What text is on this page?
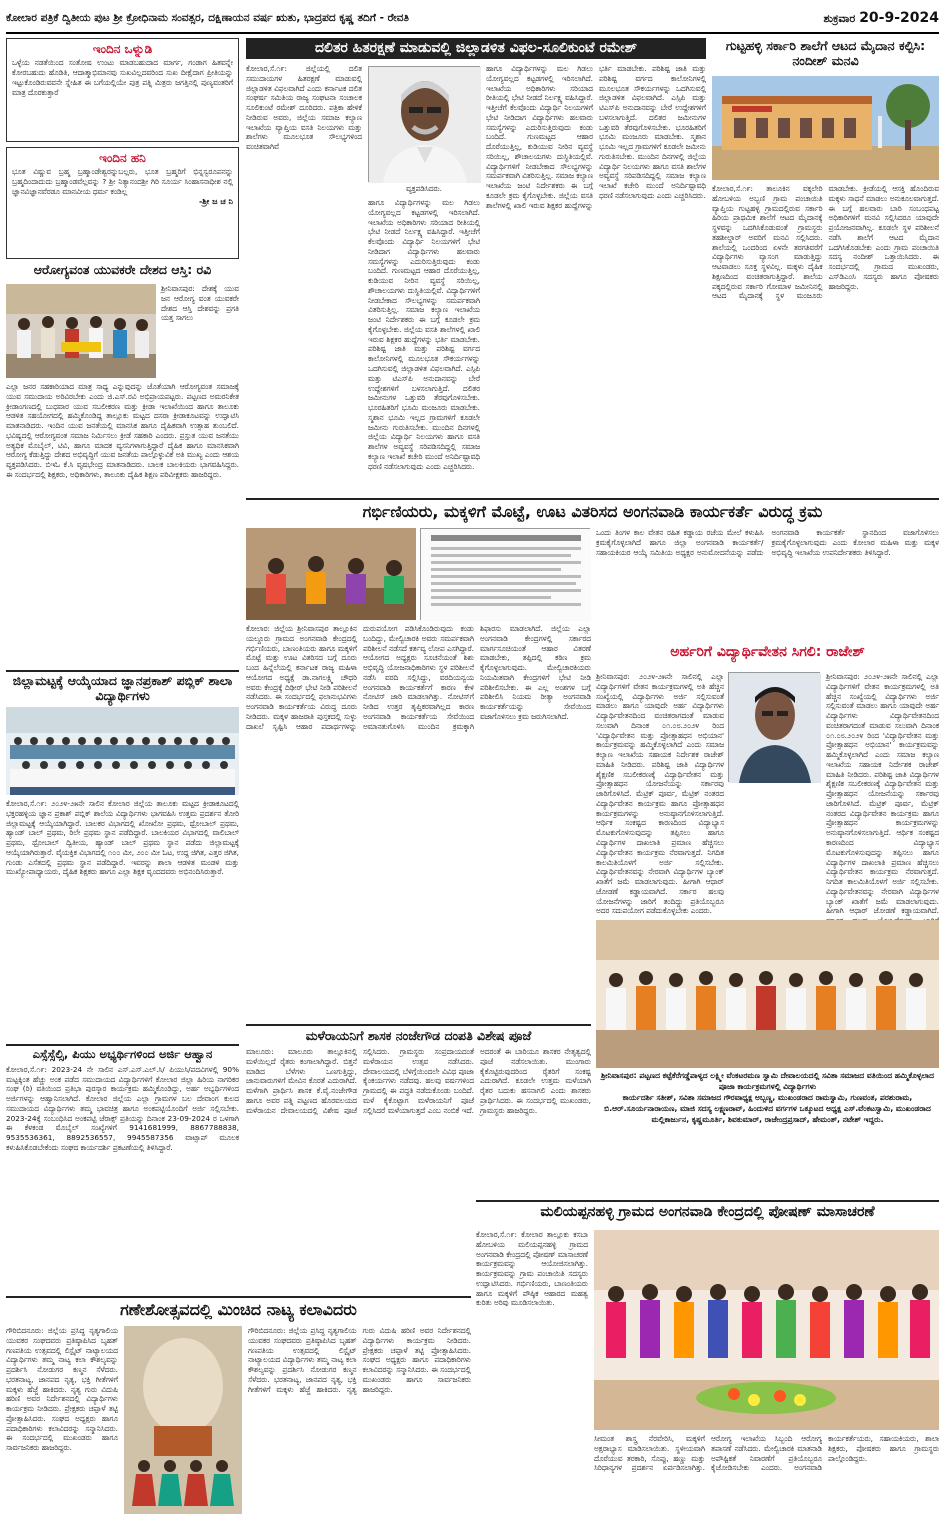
ಕೋಲಾರ ಪತ್ರಿಕೆ ದ್ವಿತೀಯ ಪುಟ ಶ್ರೀ ಕ್ರೋಧಿನಾಮ ಸಂವತ್ಸರ, ದಕ್ಷಿಣಾಯನ ವರ್ಷ ಋತು, ಭಾದ್ರಪದ ಕೃಷ್ಣ ತದಿಗೆ - ರೇವತಿ	ಶುಕ್ರವಾರ 20-9-2024
ಇಂದಿನ ಒಳ್ನುಡಿ
ಒಳ್ಳೆಯ ನಡತೆಯಿಂದ ಸಂತೋಷ ಉಂಟು ಮಾಡಬಹುದಾದ ಮಾರ್ಗ, ಗಂಡಾಗ ಹಿತವನ್ನೇ ಕೋರಬಹುದು ಹೊಡಿತಿ, ಆದಾತ್ಮಾಭಿಮಾನವು ಸುಖವಿಲ್ಲದವರಿಂದ ಸುಖ ದೀಕ್ಷೆದಾಗ ಪ್ರೀತಿಯನ್ನು ಇಟ್ಟುಕೊಂಡಿರುವವನೇ ಸ್ನೇಹಿತ ಈ ಬಗೆಯಲ್ಲಿಯೇ ಪುತ್ರ ಪತ್ನಿ ಮಿತ್ರರು ಜಗತ್ತಿನಲ್ಲಿ ಪುಣ್ಯವಂತರಿಗೆ ಮಾತ್ರ ದೊರಕುತ್ತಾರೆ
ಇಂದಿನ ಹನಿ
ಭೂತ ವಿಷ್ಣುವ ಬ್ರಹ್ಮ ಬ್ರಹ್ಮಾಂಡೇಶ್ವರನ್ನುಬಲ್ಲರು, ಭೂತ ಬ್ರಹ್ಮರಿಗೆ ಭಿನ್ನಸ್ವರೂಪನನ್ನು ಬ್ರಹ್ಮದಿಂದಾದುದು ಬ್ರಹ್ಮಾಂಡವೆಲ್ಲವನ್ನು ? ಶ್ರೀ ನಿತ್ಯಾನಂದಶ್ರೀ ಗಿರಿ ಸೂರ್ಯ ಸಿಂಹಾಸನಾಧೀಶ ನಲ್ಲಿ ಜ್ಞಾನವಿಜ್ಞಾನವೆರಡೂ ಮಾನವೀಯ ಧರ್ಮ ಕಂಡಿಲ್ಲ
-ಶ್ರೀ ಜ ಚ ನಿ
ಆರೋಗ್ಯವಂತ ಯುವಕರೇ ದೇಶದ ಆಸ್ತಿ: ರವಿ
ಶ್ರೀನಿವಾಸಪುರ: ದೇಶಕ್ಕೆ ಯುವ ಜನ ಆರೋಗ್ಯ ವಂತ ಯುವಕರೇ ದೇಶದ ಆಸ್ತಿ ದೇಶವನ್ನು ಪ್ರಗತಿ ಯತ್ತ ಸಾಗಲು
ಎಲ್ಲಾ ಜನರ ಸಹಕಾರಿಯಾದ ಮಾತ್ರ ಸಾಧ್ಯ ಎನ್ನುವುದನ್ನು ಜೊತೆಯಾಗಿ ಆರೋಗ್ಯವಂತ ಸಮಾಜಕ್ಕೆ ಯುವ ಸಮುದಾಯ ಅರಿವಿರಬೇಕು ಎಂದು ಜಿ.ಎಸ್.ರವಿ ಅಭಿಪ್ರಾಯಪಟ್ಟರು. ಪಟ್ಟಣದ ಅಮರನಿಕೇತ ಕ್ರೀಡಾಂಗಣದಲ್ಲಿ ಬುಧವಾರ ಯುವ ಸಬಲೀಕರಣ ಮತ್ತು ಕ್ರೀಡಾ ಇಲಾಖೆಯಿಂದ ಹಾಗೂ ತಾಲೂಕು ಆಡಳಿತ ಸಹಯೋಗದಲ್ಲಿ ಹಮ್ಮಿಕೊಂಡಿದ್ದ ತಾಲ್ಲೂಕು ಮಟ್ಟದ ದಸರಾ ಕ್ರೀಡಾಕೂಟವನ್ನು ಉದ್ಘಾಟಿಸಿ ಮಾತನಾಡಿದರು. ಇಂದಿನ ಯುವ ಜನತೆಯಲ್ಲಿ ಮಾನಸಿಕ ಹಾಗೂ ದೈಹಿಕವಾಗಿ ಉತ್ಸಾಹ ತುಂಬಲಿದೆ. ಭವಿಷ್ಯದಲ್ಲಿ ಆರೋಗ್ಯವಂತ ಸಮಾಜ ನಿರ್ಮಿಸಲು ಕ್ರೀಡೆ ಸಹಕಾರಿ ಎಂದರು. ಪ್ರಸ್ತುತ ಯುವ ಜನತೆಯು ಅತ್ಯಧಿಕ ಮೊಬೈಲ್, ಟಿವಿ, ಹಾಗೂ ಮಾದಕ ವ್ಯಸನಿಗಳಾಗುತ್ತಿದ್ದಾರೆ ದೈಹಿಕ ಹಾಗೂ ಮಾನಸಿಕವಾಗಿ ಆರೋಗ್ಯ ಕೆಡುತ್ತಿದ್ದು ದೇಶದ ಅಭಿವೃದ್ಧಿಗೆ ಯುವ ಜನತೆಯ ಪಾಲ್ಗೊಳ್ಳುವಿಕೆ ಅತಿ ಮುಖ್ಯ ಎಂದು ಆಶಯ ವ್ಯಕ್ತಪಡಿಸಿದರು. ಬಿಇಓ ಕೆ.ಸಿ ವೃಷಭೇಂದ್ರ ಮಾತನಾಡಿದರು. ಬಾಲಕ ಬಾಲಕಿಯರು ಭಾಗವಹಿಸಿದ್ದರು. ಈ ಸಂದರ್ಭದಲ್ಲಿ ಶಿಕ್ಷಕರು, ಅಧಿಕಾರಿಗಳು, ತಾಲೂಕು ದೈಹಿಕ ಶಿಕ್ಷಣ ಪರಿವೀಕ್ಷಕರು ಹಾಜರಿದ್ದರು.
ಜಿಲ್ಲಾಮಟ್ಟಕ್ಕೆ ಆಯ್ಕೆಯಾದ ಜ್ಞಾನಪ್ರಕಾಶ್ ಪಬ್ಲಿಕ್ ಶಾಲಾ ವಿದ್ಯಾರ್ಥಿಗಳು
ಕೋಲಾರ,ಸೆ.೧೯: ೨೦೨೪-೨೫ನೇ ಸಾಲಿನ ಕೋಲಾರ ಜಿಲ್ಲೆಯ ತಾಲೂಕು ಮಟ್ಟದ ಕ್ರೀಡಾಕೂಟದಲ್ಲಿ ಭಕ್ತರಹಳ್ಳಿಯ ಜ್ಞಾನ ಪ್ರಕಾಶ್ ಪಬ್ಲಿಕ್ ಶಾಲೆಯ ವಿದ್ಯಾರ್ಥಿಗಳು ಭಾಗವಹಿಸಿ ಉತ್ತಮ ಪ್ರದರ್ಶನ ತೋರಿ ಜಿಲ್ಲಾಮಟ್ಟಕ್ಕೆ ಆಯ್ಕೆಯಾಗಿದ್ದಾರೆ. ಬಾಲಕರ ವಿಭಾಗದಲ್ಲಿ ಖೋಖೋ ಪ್ರಥಮ, ಥ್ರೋಬಾಲ್ ಪ್ರಥಮ, ಹ್ಯಾಂಡ್ ಬಾಲ್ ಪ್ರಥಮ, ರಿಲೇ ಪ್ರಥಮ ಸ್ಥಾನ ಪಡೆದಿದ್ದಾರೆ. ಬಾಲಕಿಯರ ವಿಭಾಗದಲ್ಲಿ ವಾಲಿಬಾಲ್ ಪ್ರಥಮ, ಥ್ರೋಬಾಲ್ ದ್ವಿತೀಯ, ಹ್ಯಾಂಡ್ ಬಾಲ್ ಪ್ರಥಮ ಸ್ಥಾನ ಪಡೆದು ಜಿಲ್ಲಾಮಟ್ಟಕ್ಕೆ ಆಯ್ಕೆಯಾಗಿರುತ್ತಾರೆ. ವೈಯಕ್ತಿಕ ವಿಭಾಗದಲ್ಲಿ ೧೦೦ ಮೀ, ೨೦೦ ಮೀ ಓಟ, ಉದ್ದ ಜಿಗಿತ, ಎತ್ತರ ಜಿಗಿತ, ಗುಂಡು ಎಸೆತದಲ್ಲಿ ಪ್ರಥಮ ಸ್ಥಾನ ಪಡೆದಿದ್ದಾರೆ. ಇವರನ್ನು ಶಾಲಾ ಆಡಳಿತ ಮಂಡಳಿ ಮತ್ತು ಮುಖ್ಯೋಪಾಧ್ಯಾಯರು, ದೈಹಿಕ ಶಿಕ್ಷಕರು ಹಾಗೂ ಎಲ್ಲಾ ಶಿಕ್ಷಕ ವೃಂದದವರು ಅಭಿನಂದಿಸಿರುತ್ತಾರೆ.
ಎಸ್ಸೆಸ್ಸೆಲ್ಸಿ, ಪಿಯು ಅಭ್ಯರ್ಥಿಗಳಿಂದ ಅರ್ಜಿ ಆಹ್ವಾನ
ಕೋಲಾರ,ಸೆ.೧೯: 2023-24 ನೇ ಸಾಲಿನ ಎಸ್.ಎಸ್.ಎಲ್.ಸಿ/ ಪಿಯುಸಿ/ಪದವಿಗಳಲ್ಲಿ 90% ಮಟ್ಟಕ್ಕಿಂತ ಹೆಚ್ಚು ಅಂಕ ಪಡೆದ ಸಮುದಾಯದ ವಿದ್ಯಾರ್ಥಿಗಳಿಗೆ ಕೋಲಾರ ಜಿಲ್ಲಾ ಹಿರಿಯ ನಾಗರಿಕರ ಸಂಘ (ರಿ) ವತಿಯಿಂದ ಪ್ರತಿಭಾ ಪುರಸ್ಕಾರ ಕಾರ್ಯಕ್ರಮ ಹಮ್ಮಿಕೊಂಡಿದ್ದು, ಅರ್ಹ ಅಭ್ಯರ್ಥಿಗಳಿಂದ ಅರ್ಜಿಗಳನ್ನು ಆಹ್ವಾನಿಸಲಾಗಿದೆ. ಕೋಲಾರ ಜಿಲ್ಲೆಯ ಎಲ್ಲಾ ಗ್ರಾಮಗಳ ಬಲ ದೇವಾಂಗ ಕುಲದ ಸಮುದಾಯದ ವಿದ್ಯಾರ್ಥಿಗಳು ತಮ್ಮ ಭಾವಚಿತ್ರ ಹಾಗೂ ಅಂಕಪಟ್ಟಿಯೊಂದಿಗೆ ಅರ್ಜಿ ಸಲ್ಲಿಸಬೇಕು. 2023-24ಕ್ಕೆ ಸಂಬಂಧಿಸಿದ ಅಂಕಪಟ್ಟಿ ಜೆರಾಕ್ಸ್ ಪ್ರತಿಯನ್ನು ದಿನಾಂಕ 23-09-2024 ರ ಒಳಗಾಗಿ ಈ ಕೆಳಕಂಡ ಮೊಬೈಲ್ ಸಂಖ್ಯೆಗಳಿಗೆ 9141681999, 8867788838, 9535536361, 8892536557, 9945587356 ವಾಟ್ಸಾಪ್ ಮೂಲಕ ಕಳುಹಿಸಿಕೊಡಬೇಕೆಂದು ಸಂಘದ ಕಾರ್ಯದರ್ಶಿ ಪ್ರಕಟಣೆಯಲ್ಲಿ ತಿಳಿಸಿದ್ದಾರೆ.
ದಲಿತರ ಹಿತರಕ್ಷಣೆ ಮಾಡುವಲ್ಲಿ ಜಿಲ್ಲಾಡಳಿತ ವಿಫಲ-ಸೂಲಿಕುಂಟೆ ರಮೇಶ್
ಕೋಲಾರ,ಸೆ.೧೯: ಜಿಲ್ಲೆಯಲ್ಲಿ ದಲಿತ ಸಮುದಾಯಗಳ ಹಿತರಕ್ಷಣೆ ಮಾಡುವಲ್ಲಿ ಜಿಲ್ಲಾಡಳಿತ ವಿಫಲವಾಗಿದೆ ಎಂದು ಕರ್ನಾಟಕ ದಲಿತ ಸಂಘರ್ಷ ಸಮಿತಿಯ ರಾಜ್ಯ ಸಂಘಟನಾ ಸಂಚಾಲಕ ಸೂಲಿಕುಂಟೆ ರಮೇಶ್ ದೂರಿದರು. ಪತ್ರಿಕಾ ಹೇಳಿಕೆ ನೀಡಿರುವ ಅವರು, ಜಿಲ್ಲೆಯ ಸಮಾಜ ಕಲ್ಯಾಣ ಇಲಾಖೆಯ ವ್ಯಾಪ್ತಿಯ ವಸತಿ ನಿಲಯಗಳು ಮತ್ತು ಶಾಲೆಗಳು ಮೂಲಭೂತ ಸೌಲಭ್ಯಗಳಿಂದ ವಂಚಿತವಾಗಿವೆ
ವ್ಯಕ್ತಪಡಿಸಿದರು.
ಹಾಗೂ ವಿದ್ಯಾರ್ಥಿಗಳನ್ನು ಮಲ ಗಿಡಲು ಯೋಗ್ಯವಲ್ಲದ ಕಟ್ಟಡಗಳಲ್ಲಿ ಇರಿಸಲಾಗಿದೆ. ಇಲಾಖೆಯ ಅಧಿಕಾರಿಗಳು ಸರಿಯಾದ ರೀತಿಯಲ್ಲಿ ಭೇಟಿ ನೀಡದೆ ನಿರ್ಲಕ್ಷ್ಯ ವಹಿಸಿದ್ದಾರೆ. ಇತ್ತೀಚೆಗೆ ಕೆಲವೊಂದು ವಿದ್ಯಾರ್ಥಿ ನಿಲಯಗಳಿಗೆ ಭೇಟಿ ನೀಡಿದಾಗ ವಿದ್ಯಾರ್ಥಿಗಳು ಹಲವಾರು ಸಮಸ್ಯೆಗಳನ್ನು ಎದುರಿಸುತ್ತಿರುವುದು ಕಂಡು ಬಂದಿದೆ. ಗುಣಮಟ್ಟದ ಆಹಾರ ದೊರೆಯುತ್ತಿಲ್ಲ, ಕುಡಿಯುವ ನೀರಿನ ವ್ಯವಸ್ಥೆ ಸರಿಯಿಲ್ಲ, ಶೌಚಾಲಯಗಳು ದುಸ್ಥಿತಿಯಲ್ಲಿವೆ. ವಿದ್ಯಾರ್ಥಿಗಳಿಗೆ ನೀಡಬೇಕಾದ ಸೌಲಭ್ಯಗಳನ್ನು ಸಮರ್ಪಕವಾಗಿ ವಿತರಿಸುತ್ತಿಲ್ಲ. ಸಮಾಜ ಕಲ್ಯಾಣ ಇಲಾಖೆಯ ಜಂಟಿ ನಿರ್ದೇಶಕರು ಈ ಬಗ್ಗೆ ಕೂಡಲೇ ಕ್ರಮ ಕೈಗೊಳ್ಳಬೇಕು. ಜಿಲ್ಲೆಯ ವಸತಿ ಶಾಲೆಗಳಲ್ಲಿ ಖಾಲಿ ಇರುವ ಶಿಕ್ಷಕರ ಹುದ್ದೆಗಳನ್ನು ಭರ್ತಿ ಮಾಡಬೇಕು. ಪರಿಶಿಷ್ಟ ಜಾತಿ ಮತ್ತು ಪರಿಶಿಷ್ಟ ವರ್ಗದ ಕಾಲೋನಿಗಳಲ್ಲಿ ಮೂಲಭೂತ ಸೌಕರ್ಯಗಳನ್ನು ಒದಗಿಸುವಲ್ಲಿ ಜಿಲ್ಲಾಡಳಿತ ವಿಫಲವಾಗಿದೆ. ಎಸ್ಸಿಪಿ ಮತ್ತು ಟಿಎಸ್‌ಪಿ ಅನುದಾನವನ್ನು ಬೇರೆ ಉದ್ದೇಶಗಳಿಗೆ ಬಳಸಲಾಗುತ್ತಿದೆ. ದಲಿತರ ಜಮೀನುಗಳ ಒತ್ತುವರಿ ತೆರವುಗೊಳಿಸಬೇಕು. ಭೂರಹಿತರಿಗೆ ಭೂಮಿ ಮಂಜೂರು ಮಾಡಬೇಕು. ಸ್ಮಶಾನ ಭೂಮಿ ಇಲ್ಲದ ಗ್ರಾಮಗಳಿಗೆ ಕೂಡಲೇ ಜಮೀನು ಗುರುತಿಸಬೇಕು. ಮುಂದಿನ ದಿನಗಳಲ್ಲಿ ಜಿಲ್ಲೆಯ ವಿದ್ಯಾರ್ಥಿ ನಿಲಯಗಳು ಹಾಗೂ ವಸತಿ ಶಾಲೆಗಳ ಅವ್ಯವಸ್ಥೆ ಸರಿಪಡಿಸದಿದ್ದಲ್ಲಿ ಸಮಾಜ ಕಲ್ಯಾಣ ಇಲಾಖೆ ಕಚೇರಿ ಮುಂದೆ ಅನಿರ್ದಿಷ್ಟಾವಧಿ ಧರಣಿ ನಡೆಸಲಾಗುವುದು ಎಂದು ಎಚ್ಚರಿಸಿದರು.
ಹಾಗೂ ವಿದ್ಯಾರ್ಥಿಗಳನ್ನು ಮಲ ಗಿಡಲು ಯೋಗ್ಯವಲ್ಲದ ಕಟ್ಟಡಗಳಲ್ಲಿ ಇರಿಸಲಾಗಿದೆ. ಇಲಾಖೆಯ ಅಧಿಕಾರಿಗಳು ಸರಿಯಾದ ರೀತಿಯಲ್ಲಿ ಭೇಟಿ ನೀಡದೆ ನಿರ್ಲಕ್ಷ್ಯ ವಹಿಸಿದ್ದಾರೆ. ಇತ್ತೀಚೆಗೆ ಕೆಲವೊಂದು ವಿದ್ಯಾರ್ಥಿ ನಿಲಯಗಳಿಗೆ ಭೇಟಿ ನೀಡಿದಾಗ ವಿದ್ಯಾರ್ಥಿಗಳು ಹಲವಾರು ಸಮಸ್ಯೆಗಳನ್ನು ಎದುರಿಸುತ್ತಿರುವುದು ಕಂಡು ಬಂದಿದೆ. ಗುಣಮಟ್ಟದ ಆಹಾರ ದೊರೆಯುತ್ತಿಲ್ಲ, ಕುಡಿಯುವ ನೀರಿನ ವ್ಯವಸ್ಥೆ ಸರಿಯಿಲ್ಲ, ಶೌಚಾಲಯಗಳು ದುಸ್ಥಿತಿಯಲ್ಲಿವೆ. ವಿದ್ಯಾರ್ಥಿಗಳಿಗೆ ನೀಡಬೇಕಾದ ಸೌಲಭ್ಯಗಳನ್ನು ಸಮರ್ಪಕವಾಗಿ ವಿತರಿಸುತ್ತಿಲ್ಲ. ಸಮಾಜ ಕಲ್ಯಾಣ ಇಲಾಖೆಯ ಜಂಟಿ ನಿರ್ದೇಶಕರು ಈ ಬಗ್ಗೆ ಕೂಡಲೇ ಕ್ರಮ ಕೈಗೊಳ್ಳಬೇಕು. ಜಿಲ್ಲೆಯ ವಸತಿ ಶಾಲೆಗಳಲ್ಲಿ ಖಾಲಿ ಇರುವ ಶಿಕ್ಷಕರ ಹುದ್ದೆಗಳನ್ನು ಭರ್ತಿ ಮಾಡಬೇಕು. ಪರಿಶಿಷ್ಟ ಜಾತಿ ಮತ್ತು ಪರಿಶಿಷ್ಟ ವರ್ಗದ ಕಾಲೋನಿಗಳಲ್ಲಿ ಮೂಲಭೂತ ಸೌಕರ್ಯಗಳನ್ನು ಒದಗಿಸುವಲ್ಲಿ ಜಿಲ್ಲಾಡಳಿತ ವಿಫಲವಾಗಿದೆ. ಎಸ್ಸಿಪಿ ಮತ್ತು ಟಿಎಸ್‌ಪಿ ಅನುದಾನವನ್ನು ಬೇರೆ ಉದ್ದೇಶಗಳಿಗೆ ಬಳಸಲಾಗುತ್ತಿದೆ. ದಲಿತರ ಜಮೀನುಗಳ ಒತ್ತುವರಿ ತೆರವುಗೊಳಿಸಬೇಕು. ಭೂರಹಿತರಿಗೆ ಭೂಮಿ ಮಂಜೂರು ಮಾಡಬೇಕು. ಸ್ಮಶಾನ ಭೂಮಿ ಇಲ್ಲದ ಗ್ರಾಮಗಳಿಗೆ ಕೂಡಲೇ ಜಮೀನು ಗುರುತಿಸಬೇಕು. ಮುಂದಿನ ದಿನಗಳಲ್ಲಿ ಜಿಲ್ಲೆಯ ವಿದ್ಯಾರ್ಥಿ ನಿಲಯಗಳು ಹಾಗೂ ವಸತಿ ಶಾಲೆಗಳ ಅವ್ಯವಸ್ಥೆ ಸರಿಪಡಿಸದಿದ್ದಲ್ಲಿ ಸಮಾಜ ಕಲ್ಯಾಣ ಇಲಾಖೆ ಕಚೇರಿ ಮುಂದೆ ಅನಿರ್ದಿಷ್ಟಾವಧಿ ಧರಣಿ ನಡೆಸಲಾಗುವುದು ಎಂದು ಎಚ್ಚರಿಸಿದರು.
ಗುಟ್ಟಹಳ್ಳಿ ಸರ್ಕಾರಿ ಶಾಲೆಗೆ ಆಟದ ಮೈದಾನ ಕಲ್ಪಿಸಿ: ನಂದೀಶ್ ಮನವಿ
ಕೋಲಾರ,ಸೆ.೧೯: ತಾಲೂಕಿನ ವಕ್ಕಲೇರಿ ಹೋಬಳಿಯ ಅಬ್ಬಣಿ ಗ್ರಾಮ ಪಂಚಾಯಿತಿ ವ್ಯಾಪ್ತಿಯ ಗುಟ್ಟಹಳ್ಳಿ ಗ್ರಾಮದಲ್ಲಿರುವ ಸರ್ಕಾರಿ ಹಿರಿಯ ಪ್ರಾಥಮಿಕ ಶಾಲೆಗೆ ಆಟದ ಮೈದಾನಕ್ಕೆ ಸ್ಥಳವನ್ನು ಒದಗಿಸಿಕೊಡುವಂತೆ ಗ್ರಾಮಸ್ಥರು ತಹಶೀಲ್ದಾರ್ ಅವರಿಗೆ ಮನವಿ ಸಲ್ಲಿಸಿದರು. ಶಾಲೆಯಲ್ಲಿ ಒಂದರಿಂದ ಏಳನೇ ತರಗತಿವರೆಗೆ ವಿದ್ಯಾರ್ಥಿಗಳು ವ್ಯಾಸಂಗ ಮಾಡುತ್ತಿದ್ದು ಆಟವಾಡಲು ಸೂಕ್ತ ಸ್ಥಳವಿಲ್ಲ. ಮಕ್ಕಳು ದೈಹಿಕ ಶಿಕ್ಷಣದಿಂದ ವಂಚಿತರಾಗುತ್ತಿದ್ದಾರೆ. ಶಾಲೆಯ ಪಕ್ಕದಲ್ಲಿರುವ ಸರ್ಕಾರಿ ಗೋಮಾಳ ಜಮೀನಿನಲ್ಲಿ ಆಟದ ಮೈದಾನಕ್ಕೆ ಸ್ಥಳ ಮಂಜೂರು ಮಾಡಬೇಕು. ಕ್ರೀಡೆಯಲ್ಲಿ ಆಸಕ್ತಿ ಹೊಂದಿರುವ ಮಕ್ಕಳು ಸಾಧನೆ ಮಾಡಲು ಅನುಕೂಲವಾಗುತ್ತದೆ. ಈ ಬಗ್ಗೆ ಹಲವಾರು ಬಾರಿ ಸಂಬಂಧಪಟ್ಟ ಅಧಿಕಾರಿಗಳಿಗೆ ಮನವಿ ಸಲ್ಲಿಸಿದರೂ ಯಾವುದೇ ಪ್ರಯೋಜನವಾಗಿಲ್ಲ. ಕೂಡಲೇ ಸ್ಥಳ ಪರಿಶೀಲನೆ ನಡೆಸಿ ಶಾಲೆಗೆ ಆಟದ ಮೈದಾನ ಒದಗಿಸಿಕೊಡಬೇಕು ಎಂದು ಗ್ರಾಮ ಪಂಚಾಯಿತಿ ಸದಸ್ಯ ನಂದೀಶ್ ಒತ್ತಾಯಿಸಿದರು. ಈ ಸಂದರ್ಭದಲ್ಲಿ ಗ್ರಾಮದ ಮುಖಂಡರು, ಎಸ್‌ಡಿಎಂಸಿ ಸದಸ್ಯರು ಹಾಗೂ ಪೋಷಕರು ಹಾಜರಿದ್ದರು.
ಗರ್ಭಿಣಿಯರು, ಮಕ್ಕಳಿಗೆ ಮೊಟ್ಟೆ, ಊಟ ವಿತರಿಸದ ಅಂಗನವಾಡಿ ಕಾರ್ಯಕರ್ತೆ ವಿರುದ್ಧ ಕ್ರಮ
ಒಂದು ತಿಂಗಳ ಕಾಲ ವೇತನ ರಹಿತ ಕಡ್ಡಾಯ ರಜೆಯ ಮೇಲೆ ಕಳುಹಿಸಿ ಕ್ರಮಕೈಗೊಳ್ಳಲಾಗಿದೆ ಹಾಗೂ ಜಿಲ್ಲಾ ಅಂಗನವಾಡಿ ಕಾರ್ಯಕರ್ತೆ/ಸಹಾಯಕಿಯರ ಆಯ್ಕೆ ಸಮಿತಿಯ ಅಧ್ಯಕ್ಷರ ಅನುಮೋದನೆಯನ್ನು ಪಡೆದು ಅಂಗನವಾಡಿ ಕಾರ್ಯಕರ್ತೆ ಸ್ಥಾನದಿಂದ ವಜಾಗೊಳಿಸಲು ಕ್ರಮಕೈಗೊಳ್ಳಲಾಗುವುದು ಎಂದು ಕೋಲಾರ ಮಹಿಳಾ ಮತ್ತು ಮಕ್ಕಳ ಅಭಿವೃದ್ಧಿ ಇಲಾಖೆಯ ಉಪನಿರ್ದೇಶಕರು ತಿಳಿಸಿದ್ದಾರೆ.
ಕೋಲಾರ: ಜಿಲ್ಲೆಯ ಶ್ರೀನಿವಾಸಪುರ ತಾಲ್ಲೂಕಿನ ಯಲ್ದೂರು ಗ್ರಾಮದ ಅಂಗನವಾಡಿ ಕೇಂದ್ರದಲ್ಲಿ ಗರ್ಭಿಣಿಯರು, ಬಾಣಂತಿಯರು ಹಾಗೂ ಮಕ್ಕಳಿಗೆ ಮೊಟ್ಟೆ ಮತ್ತು ಊಟ ವಿತರಿಸದ ಬಗ್ಗೆ ದೂರು ಬಂದ ಹಿನ್ನೆಲೆಯಲ್ಲಿ ಕರ್ನಾಟಕ ರಾಜ್ಯ ಮಹಿಳಾ ಆಯೋಗದ ಅಧ್ಯಕ್ಷೆ ಡಾ.ನಾಗಲಕ್ಷ್ಮಿ ಚೌಧರಿ ಅವರು ಕೇಂದ್ರಕ್ಕೆ ದಿಢೀರ್ ಭೇಟಿ ನೀಡಿ ಪರಿಶೀಲನೆ ನಡೆಸಿದರು. ಈ ಸಂದರ್ಭದಲ್ಲಿ ಫಲಾನುಭವಿಗಳು ಅಂಗನವಾಡಿ ಕಾರ್ಯಕರ್ತೆಯ ವಿರುದ್ಧ ದೂರು ನೀಡಿದರು. ಮಕ್ಕಳ ಹಾಜರಾತಿ ಪುಸ್ತಕದಲ್ಲಿ ಸುಳ್ಳು ದಾಖಲೆ ಸೃಷ್ಟಿಸಿ ಆಹಾರ ಪದಾರ್ಥಗಳನ್ನು ದುರುಪಯೋಗ ಪಡಿಸಿಕೊಂಡಿರುವುದು ಕಂಡು ಬಂದಿದ್ದು, ಮೇಲ್ವಿಚಾರಕಿ ಅವರು ಸಮರ್ಪಕವಾಗಿ ಪರಿಶೀಲನೆ ನಡೆಸದೆ ಕರ್ತವ್ಯ ಲೋಪ ಎಸಗಿದ್ದಾರೆ. ಆಯೋಗದ ಅಧ್ಯಕ್ಷರು ಸೂಚನೆಯಂತೆ ಶಿಶು ಅಭಿವೃದ್ಧಿ ಯೋಜನಾಧಿಕಾರಿಗಳು ಸ್ಥಳ ಪರಿಶೀಲನೆ ನಡೆಸಿ ವರದಿ ಸಲ್ಲಿಸಿದ್ದು, ವರದಿಯನ್ವಯ ಅಂಗನವಾಡಿ ಕಾರ್ಯಕರ್ತೆಗೆ ಕಾರಣ ಕೇಳಿ ನೋಟಿಸ್ ಜಾರಿ ಮಾಡಲಾಗಿತ್ತು. ನೋಟಿಸ್‌ಗೆ ನೀಡಿದ ಉತ್ತರ ತೃಪ್ತಿಕರವಾಗಿಲ್ಲದ ಕಾರಣ ಅಂಗನವಾಡಿ ಕಾರ್ಯಕರ್ತೆಯ ಸೇವೆಯಿಂದ ಅಮಾನತುಗೊಳಿಸಿ ಮುಂದಿನ ಕ್ರಮಕ್ಕಾಗಿ ಶಿಫಾರಸು ಮಾಡಲಾಗಿದೆ. ಜಿಲ್ಲೆಯ ಎಲ್ಲಾ ಅಂಗನವಾಡಿ ಕೇಂದ್ರಗಳಲ್ಲಿ ಸರ್ಕಾರದ ಮಾರ್ಗಸೂಚಿಯಂತೆ ಆಹಾರ ವಿತರಣೆ ಮಾಡಬೇಕು, ತಪ್ಪಿದಲ್ಲಿ ಕಠಿಣ ಕ್ರಮ ಕೈಗೊಳ್ಳಲಾಗುವುದು. ಮೇಲ್ವಿಚಾರಕಿಯರು ನಿಯಮಿತವಾಗಿ ಕೇಂದ್ರಗಳಿಗೆ ಭೇಟಿ ನೀಡಿ ಪರಿಶೀಲಿಸಬೇಕು. ಈ ಎಲ್ಲ ಅಂಶಗಳ ಬಗ್ಗೆ ಪರಿಶೀಲಿಸಿ ನಿಯಮ ರೀತ್ಯಾ ಅಂಗನವಾಡಿ ಕಾರ್ಯಕರ್ತೆಯನ್ನು ಸೇವೆಯಿಂದ ವಜಾಗೊಳಿಸಲು ಕ್ರಮ ಜರುಗಿಸಲಾಗಿದೆ.
ಅರ್ಹರಿಗೆ ವಿದ್ಯಾರ್ಥಿವೇತನ ಸಿಗಲಿ: ರಾಜೇಶ್
ಶ್ರೀನಿವಾಸಪುರ: ೨೦೨೪-೨೫ನೇ ಸಾಲಿನಲ್ಲಿ ಎಲ್ಲಾ ವಿದ್ಯಾರ್ಥಿಗಳಿಗೆ ವೇತನ ಕಾರ್ಯಕ್ರಮಗಳಲ್ಲಿ ಅತಿ ಹೆಚ್ಚಿನ ಸಂಖ್ಯೆಯಲ್ಲಿ ವಿದ್ಯಾರ್ಥಿಗಳು ಅರ್ಜಿ ಸಲ್ಲಿಸುವಂತೆ ಮಾಡಲು ಹಾಗೂ ಯಾವುದೇ ಅರ್ಹ ವಿದ್ಯಾರ್ಥಿಗಳು ವಿದ್ಯಾರ್ಥಿವೇತನದಿಂದ ವಂಚಿತರಾಗದಂತೆ ಮಾಡುವ ಸಲುವಾಗಿ ದಿನಾಂಕ ೦೧.೦೮.೨೦೨೪ ರಿಂದ 'ವಿದ್ಯಾರ್ಥಿವೇತನ ಮತ್ತು ಪ್ರೋತ್ಸಾಹಧನ ಅಭಿಯಾನ' ಕಾರ್ಯಕ್ರಮವನ್ನು ಹಮ್ಮಿಕೊಳ್ಳಲಾಗಿದೆ ಎಂದು ಸಮಾಜ ಕಲ್ಯಾಣ ಇಲಾಖೆಯ ಸಹಾಯಕ ನಿರ್ದೇಶಕ ರಾಜೇಶ್ ಮಾಹಿತಿ ನೀಡಿದರು. ಪರಿಶಿಷ್ಟ ಜಾತಿ ವಿದ್ಯಾರ್ಥಿಗಳ ಶೈಕ್ಷಣಿಕ ಸಬಲೀಕರಣಕ್ಕೆ ವಿದ್ಯಾರ್ಥಿವೇತನ ಮತ್ತು ಪ್ರೋತ್ಸಾಹಧನ ಯೋಜನೆಯನ್ನು ಸರ್ಕಾರವು ಜಾರಿಗೊಳಿಸಿದೆ. ಮೆಟ್ರಿಕ್ ಪೂರ್ವ, ಮೆಟ್ರಿಕ್ ನಂತರದ ವಿದ್ಯಾರ್ಥಿವೇತನ ಕಾರ್ಯಕ್ರಮ ಹಾಗೂ ಪ್ರೋತ್ಸಾಹಧನ ಕಾರ್ಯಕ್ರಮಗಳನ್ನು ಅನುಷ್ಠಾನಗೊಳಿಸಲಾಗುತ್ತಿದೆ. ಆರ್ಥಿಕ ಸಂಕಷ್ಟದ ಕಾರಣದಿಂದ ವಿದ್ಯಾಭ್ಯಾಸ ಮೊಟಕುಗೊಳಿಸುವುದನ್ನು ತಪ್ಪಿಸಲು ಹಾಗೂ ವಿದ್ಯಾರ್ಥಿಗಳ ದಾಖಲಾತಿ ಪ್ರಮಾಣ ಹೆಚ್ಚಿಸಲು ವಿದ್ಯಾರ್ಥಿವೇತನ ಕಾರ್ಯಕ್ರಮ ನೆರವಾಗುತ್ತದೆ. ನಿಗದಿತ ಕಾಲಮಿತಿಯೊಳಗೆ ಅರ್ಜಿ ಸಲ್ಲಿಸಬೇಕು. ವಿದ್ಯಾರ್ಥಿವೇತನವನ್ನು ನೇರವಾಗಿ ವಿದ್ಯಾರ್ಥಿಗಳ ಬ್ಯಾಂಕ್ ಖಾತೆಗೆ ಜಮೆ ಮಾಡಲಾಗುವುದು. ಹೀಗಾಗಿ ಆಧಾರ್ ಜೋಡಣೆ ಕಡ್ಡಾಯವಾಗಿದೆ. ಸರ್ಕಾರ ಹಲವು ಯೋಜನೆಗಳನ್ನು ಜಾರಿಗೆ ತಂದಿದ್ದು ಪ್ರತಿಯೊಬ್ಬರೂ ಅದರ ಸದುಪಯೋಗ ಪಡೆದುಕೊಳ್ಳಬೇಕು ಎಂದರು.
ಶ್ರೀನಿವಾಸಪುರ: ೨೦೨೪-೨೫ನೇ ಸಾಲಿನಲ್ಲಿ ಎಲ್ಲಾ ವಿದ್ಯಾರ್ಥಿಗಳಿಗೆ ವೇತನ ಕಾರ್ಯಕ್ರಮಗಳಲ್ಲಿ ಅತಿ ಹೆಚ್ಚಿನ ಸಂಖ್ಯೆಯಲ್ಲಿ ವಿದ್ಯಾರ್ಥಿಗಳು ಅರ್ಜಿ ಸಲ್ಲಿಸುವಂತೆ ಮಾಡಲು ಹಾಗೂ ಯಾವುದೇ ಅರ್ಹ ವಿದ್ಯಾರ್ಥಿಗಳು ವಿದ್ಯಾರ್ಥಿವೇತನದಿಂದ ವಂಚಿತರಾಗದಂತೆ ಮಾಡುವ ಸಲುವಾಗಿ ದಿನಾಂಕ ೦೧.೦೮.೨೦೨೪ ರಿಂದ 'ವಿದ್ಯಾರ್ಥಿವೇತನ ಮತ್ತು ಪ್ರೋತ್ಸಾಹಧನ ಅಭಿಯಾನ' ಕಾರ್ಯಕ್ರಮವನ್ನು ಹಮ್ಮಿಕೊಳ್ಳಲಾಗಿದೆ ಎಂದು ಸಮಾಜ ಕಲ್ಯಾಣ ಇಲಾಖೆಯ ಸಹಾಯಕ ನಿರ್ದೇಶಕ ರಾಜೇಶ್ ಮಾಹಿತಿ ನೀಡಿದರು. ಪರಿಶಿಷ್ಟ ಜಾತಿ ವಿದ್ಯಾರ್ಥಿಗಳ ಶೈಕ್ಷಣಿಕ ಸಬಲೀಕರಣಕ್ಕೆ ವಿದ್ಯಾರ್ಥಿವೇತನ ಮತ್ತು ಪ್ರೋತ್ಸಾಹಧನ ಯೋಜನೆಯನ್ನು ಸರ್ಕಾರವು ಜಾರಿಗೊಳಿಸಿದೆ. ಮೆಟ್ರಿಕ್ ಪೂರ್ವ, ಮೆಟ್ರಿಕ್ ನಂತರದ ವಿದ್ಯಾರ್ಥಿವೇತನ ಕಾರ್ಯಕ್ರಮ ಹಾಗೂ ಪ್ರೋತ್ಸಾಹಧನ ಕಾರ್ಯಕ್ರಮಗಳನ್ನು ಅನುಷ್ಠಾನಗೊಳಿಸಲಾಗುತ್ತಿದೆ. ಆರ್ಥಿಕ ಸಂಕಷ್ಟದ ಕಾರಣದಿಂದ ವಿದ್ಯಾಭ್ಯಾಸ ಮೊಟಕುಗೊಳಿಸುವುದನ್ನು ತಪ್ಪಿಸಲು ಹಾಗೂ ವಿದ್ಯಾರ್ಥಿಗಳ ದಾಖಲಾತಿ ಪ್ರಮಾಣ ಹೆಚ್ಚಿಸಲು ವಿದ್ಯಾರ್ಥಿವೇತನ ಕಾರ್ಯಕ್ರಮ ನೆರವಾಗುತ್ತದೆ. ನಿಗದಿತ ಕಾಲಮಿತಿಯೊಳಗೆ ಅರ್ಜಿ ಸಲ್ಲಿಸಬೇಕು. ವಿದ್ಯಾರ್ಥಿವೇತನವನ್ನು ನೇರವಾಗಿ ವಿದ್ಯಾರ್ಥಿಗಳ ಬ್ಯಾಂಕ್ ಖಾತೆಗೆ ಜಮೆ ಮಾಡಲಾಗುವುದು. ಹೀಗಾಗಿ ಆಧಾರ್ ಜೋಡಣೆ ಕಡ್ಡಾಯವಾಗಿದೆ.
ಶ್ರೀನಿವಾಸಪುರ: ಪಟ್ಟಣದ ಕಟ್ಟೆಕೆರೆಗಡ್ಡೆಪಾಳ್ಯದ ಲಕ್ಷ್ಮೀ ವೆಂಕಟರಮಣ ಸ್ವಾಮಿ ದೇವಾಲಯದಲ್ಲಿ ಸವಿತಾ ಸಮಾಜದ ವತಿಯಿಂದ ಹಮ್ಮಿಕೊಳ್ಳಲಾದ ಪೂಜಾ ಕಾರ್ಯಕ್ರಮಗಳಲ್ಲಿ ವಿದ್ಯಾರ್ಥಿಗಳು
ಕಾರ್ಯದರ್ಶಿ ಸತೀಶ್, ಸವಿತಾ ಸಮಾಜದ ಗೌರವಾಧ್ಯಕ್ಷ ಅಬ್ಬಣ್ಣ, ಮುಖಂಡರಾದ ರಾಮಸ್ವಾಮಿ, ಗುಣವಂತ, ಪರಶುರಾಮ, ಬಿ.ಆರ್.ಸೂರ್ಯನಾರಾಯಣ, ಮಾಜಿ ಸದಸ್ಯ ಲಕ್ಷ್ಮಣರಾವ್, ಹಿಂದುಳಿದ ವರ್ಗಗಳ ಒಕ್ಕೂಟದ ಅಧ್ಯಕ್ಷ ಎಸ್.ವೆಂಕಟಸ್ವಾಮಿ, ಮುಖಂಡರಾದ ಮಲ್ಲಿಕಾರ್ಜುನ, ಕೃಷ್ಣಮೂರ್ತಿ, ಶಿವಕುಮಾರ್, ರಾಜೇಂದ್ರಪ್ರಸಾದ್, ಹೇಮಂತ್, ನಟೇಶ್ ಇದ್ದರು.
ಮಳೆರಾಯನಿಗೆ ಶಾಸಕ ನಂಜೇಗೌಡ ದಂಪತಿ ವಿಶೇಷ ಪೂಜೆ
ಮಾಲೂರು: ಮಾಲೂರು ತಾಲ್ಲೂಕಿನಲ್ಲಿ ಮಳೆಯಿಲ್ಲದೆ ರೈತರು ಕಂಗಾಲಾಗಿದ್ದಾರೆ. ಬಿತ್ತನೆ ಮಾಡಿದ ಬೆಳೆಗಳು ಒಣಗುತ್ತಿದ್ದು, ಜಾನುವಾರುಗಳಿಗೆ ಮೇವಿನ ಕೊರತೆ ಎದುರಾಗಿದೆ. ಮಳೆಗಾಗಿ ಪ್ರಾರ್ಥಿಸಿ ಶಾಸಕ ಕೆ.ವೈ.ನಂಜೇಗೌಡ ಹಾಗೂ ಅವರ ಪತ್ನಿ ಪಟ್ಟಣದ ಹೊರವಲಯದ ಮಳೆರಾಯನ ದೇವಾಲಯದಲ್ಲಿ ವಿಶೇಷ ಪೂಜೆ ಸಲ್ಲಿಸಿದರು. ಗ್ರಾಮಸ್ಥರು ಸಂಪ್ರದಾಯದಂತೆ ಮಳೆರಾಯನ ಉತ್ಸವ ನಡೆಸಿದರು. ದೇವಾಲಯದಲ್ಲಿ ಬೆಳಿಗ್ಗೆಯಿಂದಲೇ ವಿವಿಧ ಪೂಜಾ ಕೈಂಕರ್ಯಗಳು ನಡೆದವು. ಹಲವು ವರ್ಷಗಳಿಂದ ಗ್ರಾಮದಲ್ಲಿ ಈ ಪದ್ಧತಿ ನಡೆದುಕೊಂಡು ಬಂದಿದೆ. ಮಳೆ ಕೈಕೊಟ್ಟಾಗ ಮಳೆರಾಯನಿಗೆ ಪೂಜೆ ಸಲ್ಲಿಸಿದರೆ ಮಳೆಯಾಗುತ್ತದೆ ಎಂಬ ನಂಬಿಕೆ ಇದೆ. ಅದರಂತೆ ಈ ಬಾರಿಯೂ ಶಾಸಕರ ನೇತೃತ್ವದಲ್ಲಿ ಪೂಜೆ ನಡೆಸಲಾಯಿತು. ಮುಂಗಾರು ಕೈಕೊಟ್ಟಿರುವುದರಿಂದ ರೈತರಿಗೆ ಸಂಕಷ್ಟ ಎದುರಾಗಿದೆ. ಕೂಡಲೇ ಉತ್ತಮ ಮಳೆಯಾಗಿ ರೈತರ ಬದುಕು ಹಸನಾಗಲಿ ಎಂದು ಶಾಸಕರು ಪ್ರಾರ್ಥಿಸಿದರು. ಈ ಸಂದರ್ಭದಲ್ಲಿ ಮುಖಂಡರು, ಗ್ರಾಮಸ್ಥರು ಹಾಜರಿದ್ದರು.
ಗಣೇಶೋತ್ಸವದಲ್ಲಿ ಮಿಂಚಿದ ನಾಟ್ಯ ಕಲಾವಿದರು
ಗೌರಿಬಿದನೂರು: ಜಿಲ್ಲೆಯ ಪ್ರಸಿದ್ಧ ನೃತ್ಯಗಾಲಿಯ ಯುವಕರ ಸಂಘದವರು ಪ್ರತಿಷ್ಠಾಪಿಸಿದ ಬೃಹತ್ ಗಣಪತಿಯ ಉತ್ಸವದಲ್ಲಿ ಲಿಸ್ಟೈಟ್ ನಾಟ್ಯಾಲಯದ ವಿದ್ಯಾರ್ಥಿಗಳು ತಮ್ಮ ನಾಟ್ಯ ಕಲಾ ಕೌಶಲ್ಯವನ್ನು ಪ್ರದರ್ಶಿಸಿ ನೋಡುಗರ ಕಣ್ಮನ ಸೆಳೆದರು. ಭರತನಾಟ್ಯ, ಜಾನಪದ ನೃತ್ಯ, ಭಕ್ತಿ ಗೀತೆಗಳಿಗೆ ಮಕ್ಕಳು ಹೆಜ್ಜೆ ಹಾಕಿದರು. ನೃತ್ಯ ಗುರು ವಿದುಷಿ ಹರಿಣಿ ಅವರ ನಿರ್ದೇಶನದಲ್ಲಿ ವಿದ್ಯಾರ್ಥಿಗಳು ಕಾರ್ಯಕ್ರಮ ನೀಡಿದರು. ಪ್ರೇಕ್ಷಕರು ಚಪ್ಪಾಳೆ ತಟ್ಟಿ ಪ್ರೋತ್ಸಾಹಿಸಿದರು. ಸಂಘದ ಅಧ್ಯಕ್ಷರು ಹಾಗೂ ಪದಾಧಿಕಾರಿಗಳು ಕಲಾವಿದರನ್ನು ಸನ್ಮಾನಿಸಿದರು. ಈ ಸಂದರ್ಭದಲ್ಲಿ ಮುಖಂಡರು ಹಾಗೂ ಸಾರ್ವಜನಿಕರು ಹಾಜರಿದ್ದರು.
ಗೌರಿಬಿದನೂರು: ಜಿಲ್ಲೆಯ ಪ್ರಸಿದ್ಧ ನೃತ್ಯಗಾಲಿಯ ಯುವಕರ ಸಂಘದವರು ಪ್ರತಿಷ್ಠಾಪಿಸಿದ ಬೃಹತ್ ಗಣಪತಿಯ ಉತ್ಸವದಲ್ಲಿ ಲಿಸ್ಟೈಟ್ ನಾಟ್ಯಾಲಯದ ವಿದ್ಯಾರ್ಥಿಗಳು ತಮ್ಮ ನಾಟ್ಯ ಕಲಾ ಕೌಶಲ್ಯವನ್ನು ಪ್ರದರ್ಶಿಸಿ ನೋಡುಗರ ಕಣ್ಮನ ಸೆಳೆದರು. ಭರತನಾಟ್ಯ, ಜಾನಪದ ನೃತ್ಯ, ಭಕ್ತಿ ಗೀತೆಗಳಿಗೆ ಮಕ್ಕಳು ಹೆಜ್ಜೆ ಹಾಕಿದರು. ನೃತ್ಯ ಗುರು ವಿದುಷಿ ಹರಿಣಿ ಅವರ ನಿರ್ದೇಶನದಲ್ಲಿ ವಿದ್ಯಾರ್ಥಿಗಳು ಕಾರ್ಯಕ್ರಮ ನೀಡಿದರು. ಪ್ರೇಕ್ಷಕರು ಚಪ್ಪಾಳೆ ತಟ್ಟಿ ಪ್ರೋತ್ಸಾಹಿಸಿದರು. ಸಂಘದ ಅಧ್ಯಕ್ಷರು ಹಾಗೂ ಪದಾಧಿಕಾರಿಗಳು ಕಲಾವಿದರನ್ನು ಸನ್ಮಾನಿಸಿದರು. ಈ ಸಂದರ್ಭದಲ್ಲಿ ಮುಖಂಡರು ಹಾಗೂ ಸಾರ್ವಜನಿಕರು ಹಾಜರಿದ್ದರು.
ಮಲಿಯಪ್ಪನಹಳ್ಳಿ ಗ್ರಾಮದ ಅಂಗನವಾಡಿ ಕೇಂದ್ರದಲ್ಲಿ ಪೋಷಣ್ ಮಾಸಾಚರಣೆ
ಕೋಲಾರ,ಸೆ.೧೯: ಕೋಲಾರ ತಾಲ್ಲೂಕು ಕಸಬಾ ಹೋಬಳಿಯ ಮಲಿಯಪ್ಪನಹಳ್ಳಿ ಗ್ರಾಮದ ಅಂಗನವಾಡಿ ಕೇಂದ್ರದಲ್ಲಿ ಪೋಷಣ್ ಮಾಸಾಚರಣೆ ಕಾರ್ಯಕ್ರಮವನ್ನು ಆಯೋಜಿಸಲಾಗಿತ್ತು. ಕಾರ್ಯಕ್ರಮವನ್ನು ಗ್ರಾಮ ಪಂಚಾಯಿತಿ ಸದಸ್ಯರು ಉದ್ಘಾಟಿಸಿದರು. ಗರ್ಭಿಣಿಯರು, ಬಾಣಂತಿಯರು ಹಾಗೂ ಮಕ್ಕಳಿಗೆ ಪೌಷ್ಠಿಕ ಆಹಾರದ ಮಹತ್ವ ಕುರಿತು ಅರಿವು ಮೂಡಿಸಲಾಯಿತು.
ಸೀಮಂತ ಶಾಸ್ತ್ರ ನೆರವೇರಿಸಿ, ಮಕ್ಕಳಿಗೆ ಅಕ್ಷರಾಭ್ಯಾಸ ಮಾಡಿಸಲಾಯಿತು. ಸ್ಥಳೀಯವಾಗಿ ದೊರೆಯುವ ತರಕಾರಿ, ಸೊಪ್ಪು, ಹಣ್ಣು ಮತ್ತು ಸಿರಿಧಾನ್ಯಗಳ ಪ್ರದರ್ಶನ ಏರ್ಪಡಿಸಲಾಗಿತ್ತು. ಆರೋಗ್ಯ ಇಲಾಖೆಯ ಸಿಬ್ಬಂದಿ ಆರೋಗ್ಯ ತಪಾಸಣೆ ನಡೆಸಿದರು. ಮೇಲ್ವಿಚಾರಕಿ ಮಾತನಾಡಿ ಅಪೌಷ್ಟಿಕತೆ ನಿವಾರಣೆಗೆ ಪ್ರತಿಯೊಬ್ಬರೂ ಕೈಜೋಡಿಸಬೇಕು ಎಂದರು. ಅಂಗನವಾಡಿ ಕಾರ್ಯಕರ್ತೆಯರು, ಸಹಾಯಕಿಯರು, ಶಾಲಾ ಶಿಕ್ಷಕರು, ಪೋಷಕರು ಹಾಗೂ ಗ್ರಾಮಸ್ಥರು ಪಾಲ್ಗೊಂಡಿದ್ದರು.
